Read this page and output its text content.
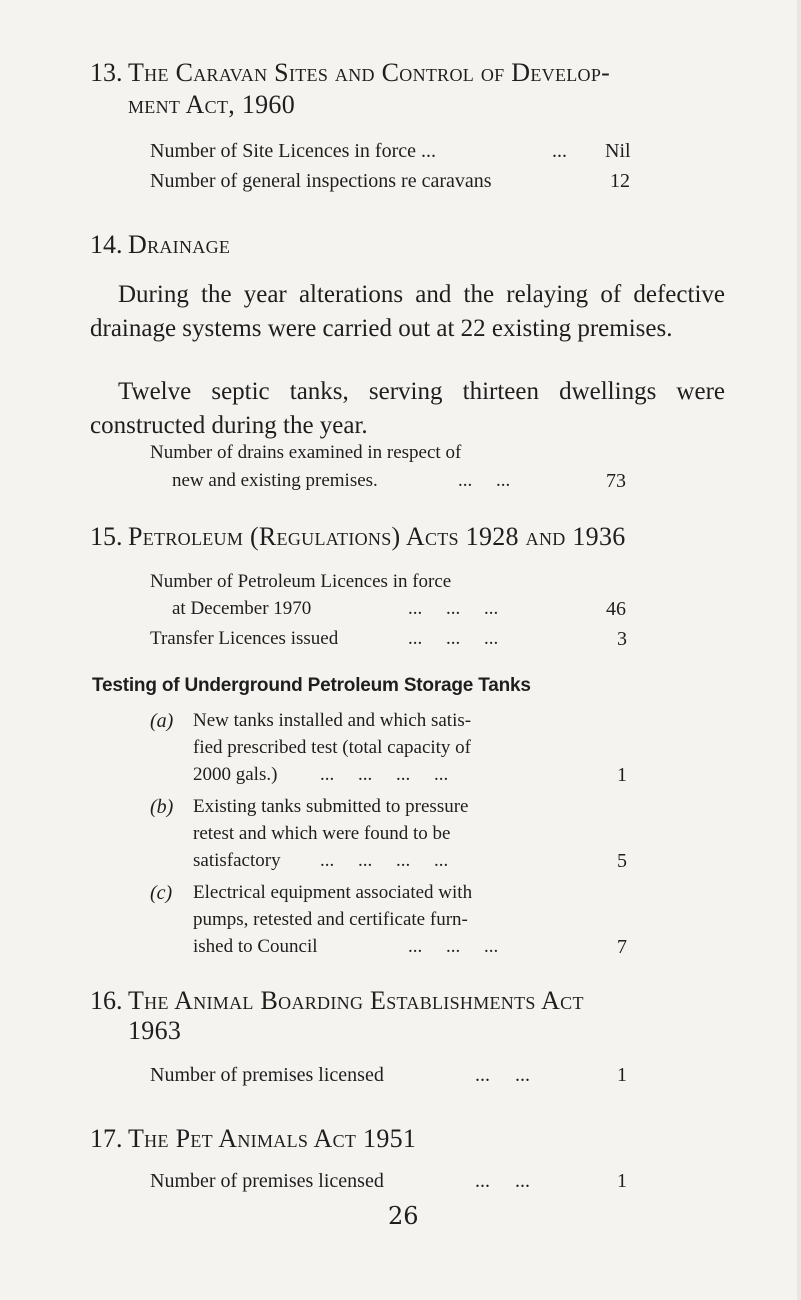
13. The Caravan Sites and Control of Develop-
ment Act, 1960
Number of Site Licences in force ...	... Nil
Number of general inspections re caravans	12
14. Drainage
During the year alterations and the relaying of defective drainage systems were carried out at 22 existing premises.
Twelve septic tanks, serving thirteen dwellings were constructed during the year.
Number of drains examined in respect of
new and existing premises.	...     ...	73
15. Petroleum (Regulations) Acts 1928 and 1936
Number of Petroleum Licences in force
at December 1970	...     ...     ...	46
Transfer Licences issued	...     ...     ...	3
Testing of Underground Petroleum Storage Tanks
(a) New tanks installed and which satis-
fied prescribed test (total capacity of
2000 gals.) ...     ...     ...     ...	1
(b) Existing tanks submitted to pressure
retest and which were found to be
satisfactory ...     ...     ...     ...	5
(c) Electrical equipment associated with
pumps, retested and certificate furn-
ished to Council	...     ...     ...	7
16. The Animal Boarding Establishments Act
1963
Number of premises licensed	...     ...	1
17. The Pet Animals Act 1951
Number of premises licensed	...     ...	1
26
